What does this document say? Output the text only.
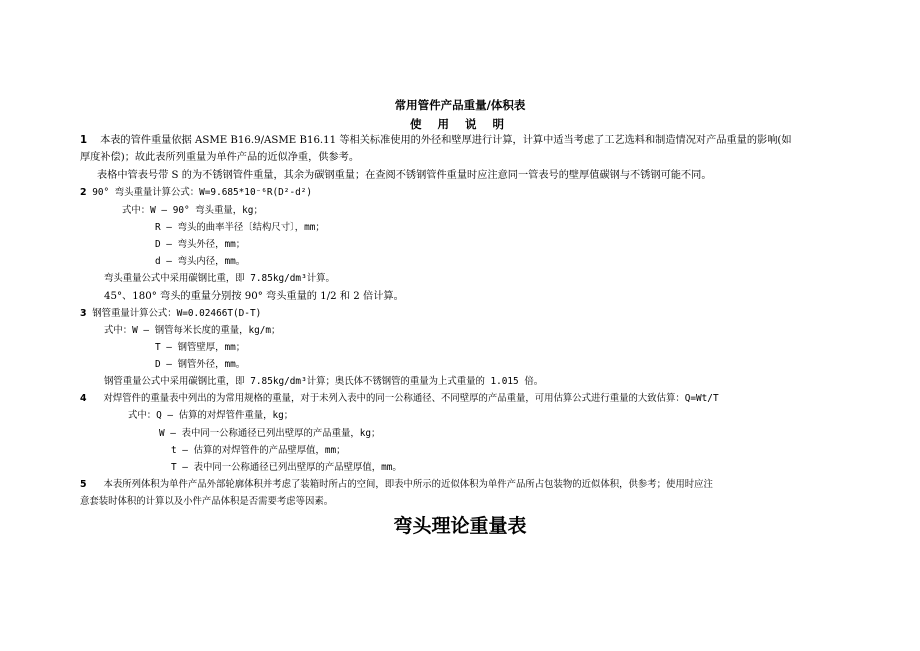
常用管件产品重量/体积表
使 用 说 明
1 本表的管件重量依据 ASME B16.9/ASME B16.11 等相关标准使用的外径和壁厚进行计算，计算中适当考虑了工艺选料和制造情况对产品重量的影响(如
厚度补偿)；故此表所列重量为单件产品的近似净重，供参考。
表格中管表号带 S 的为不锈钢管件重量，其余为碳钢重量；在查阅不锈钢管件重量时应注意同一管表号的壁厚值碳钢与不锈钢可能不同。
2 90° 弯头重量计算公式：W=9.685*10⁻⁶R(D²-d²)
式中：W — 90° 弯头重量，kg；
R — 弯头的曲率半径〔结构尺寸〕，mm；
D — 弯头外径，mm；
d — 弯头内径，mm。
弯头重量公式中采用碳钢比重，即 7.85kg/dm³计算。
45°、180° 弯头的重量分别按 90° 弯头重量的 1/2 和 2 倍计算。
3 钢管重量计算公式：W=0.02466T(D-T)
式中：W — 钢管每米长度的重量，kg/m；
T — 钢管壁厚，mm；
D — 钢管外径，mm。
钢管重量公式中采用碳钢比重，即 7.85kg/dm³计算；奥氏体不锈钢管的重量为上式重量的 1.015 倍。
4 对焊管件的重量表中列出的为常用规格的重量，对于未列入表中的同一公称通径、不同壁厚的产品重量，可用估算公式进行重量的大致估算：Q=Wt/T
式中：Q — 估算的对焊管件重量，kg；
W — 表中同一公称通径已列出壁厚的产品重量，kg；
t — 估算的对焊管件的产品壁厚值，mm；
T — 表中同一公称通径已列出壁厚的产品壁厚值，mm。
5 本表所列体积为单件产品外部轮廓体积并考虑了装箱时所占的空间，即表中所示的近似体积为单件产品所占包装物的近似体积，供参考；使用时应注
意套装时体积的计算以及小件产品体积是否需要考虑等因素。
弯头理论重量表
